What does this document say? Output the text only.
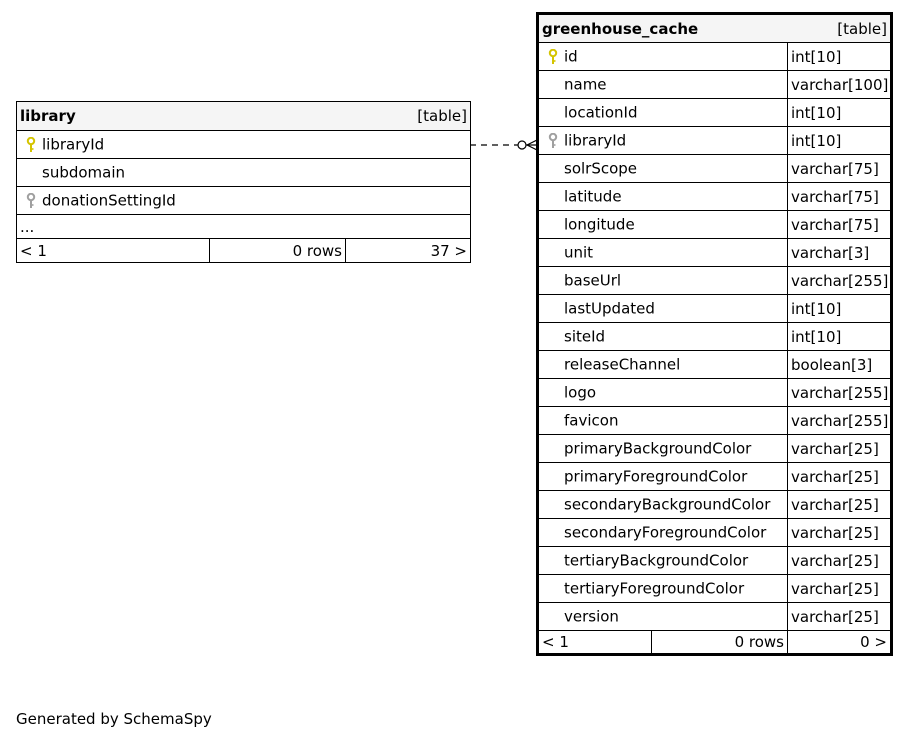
library		[table]
libraryId		
subdomain		
donationSettingId		
...		
< 1	0 rows	37 >
greenhouse_cache		[table]
id		int[10]
name		varchar[100]
locationId		int[10]
libraryId		int[10]
solrScope		varchar[75]
latitude		varchar[75]
longitude		varchar[75]
unit		varchar[3]
baseUrl		varchar[255]
lastUpdated		int[10]
siteId		int[10]
releaseChannel		boolean[3]
logo		varchar[255]
favicon		varchar[255]
primaryBackgroundColor		varchar[25]
primaryForegroundColor		varchar[25]
secondaryBackgroundColor		varchar[25]
secondaryForegroundColor		varchar[25]
tertiaryBackgroundColor		varchar[25]
tertiaryForegroundColor		varchar[25]
version		varchar[25]
< 1	0 rows	0 >
Generated by SchemaSpy
